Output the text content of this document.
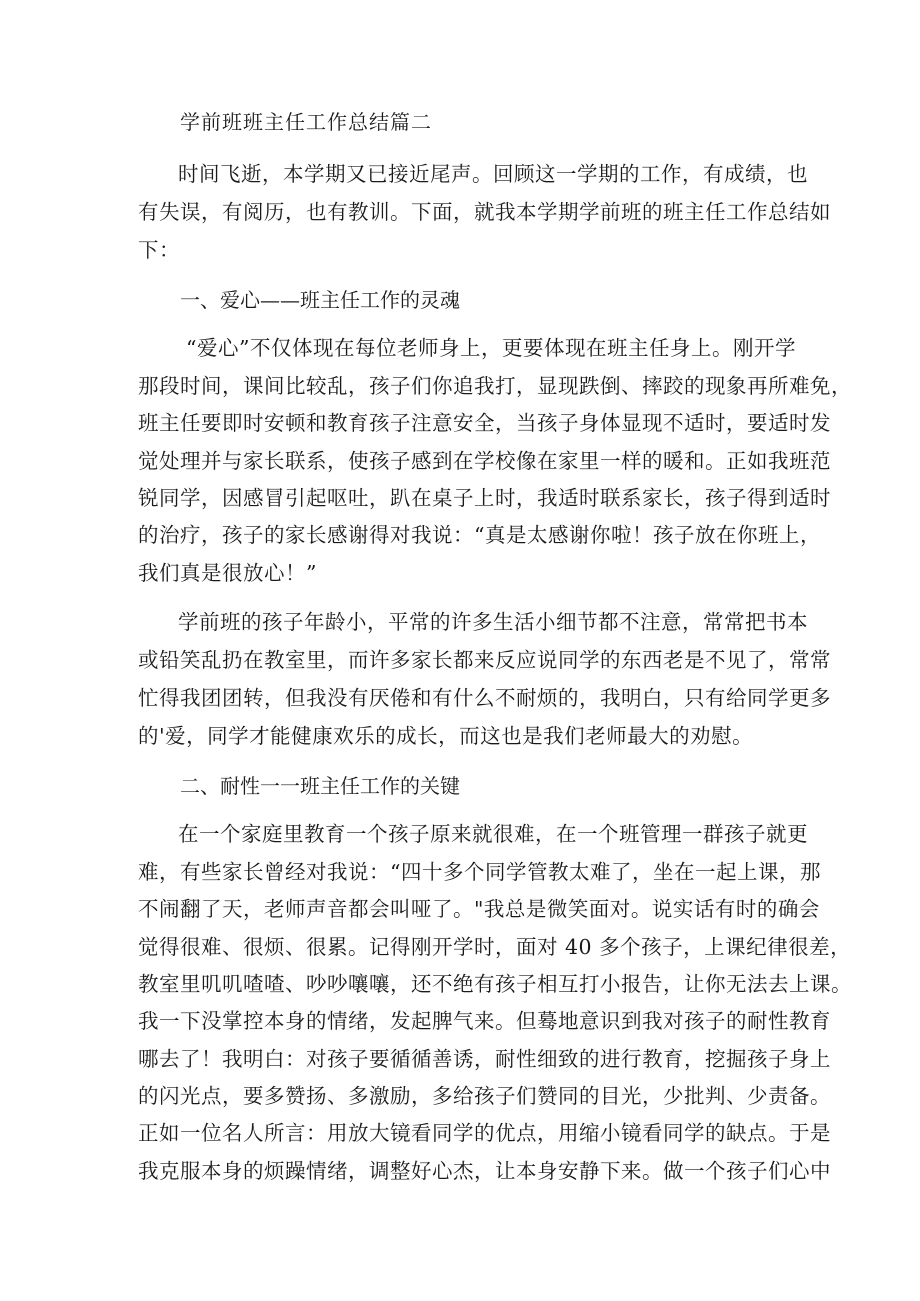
学前班班主任工作总结篇二
时间飞逝，本学期又已接近尾声。回顾这一学期的工作，有成绩，也
有失误，有阅历，也有教训。下面，就我本学期学前班的班主任工作总结如
下：
一、爱心——班主任工作的灵魂
“爱心”不仅体现在每位老师身上，更要体现在班主任身上。刚开学
那段时间，课间比较乱，孩子们你追我打，显现跌倒、摔跤的现象再所难免，
班主任要即时安顿和教育孩子注意安全，当孩子身体显现不适时，要适时发
觉处理并与家长联系，使孩子感到在学校像在家里一样的暖和。正如我班范
锐同学，因感冒引起呕吐，趴在桌子上时，我适时联系家长，孩子得到适时
的治疗，孩子的家长感谢得对我说：“真是太感谢你啦！孩子放在你班上，
我们真是很放心！”
学前班的孩子年龄小，平常的许多生活小细节都不注意，常常把书本
或铅笑乱扔在教室里，而许多家长都来反应说同学的东西老是不见了，常常
忙得我团团转，但我没有厌倦和有什么不耐烦的，我明白，只有给同学更多
的'爱，同学才能健康欢乐的成长，而这也是我们老师最大的劝慰。
二、耐性一一班主任工作的关键
在一个家庭里教育一个孩子原来就很难，在一个班管理一群孩子就更
难，有些家长曾经对我说：“四十多个同学管教太难了，坐在一起上课，那
不闹翻了天，老师声音都会叫哑了。"我总是微笑面对。说实话有时的确会
觉得很难、很烦、很累。记得刚开学时，面对 40 多个孩子，上课纪律很差，
教室里叽叽喳喳、吵吵嚷嚷，还不绝有孩子相互打小报告，让你无法去上课。
我一下没掌控本身的情绪，发起脾气来。但蓦地意识到我对孩子的耐性教育
哪去了！我明白：对孩子要循循善诱，耐性细致的进行教育，挖掘孩子身上
的闪光点，要多赞扬、多激励，多给孩子们赞同的目光，少批判、少责备。
正如一位名人所言：用放大镜看同学的优点，用缩小镜看同学的缺点。于是
我克服本身的烦躁情绪，调整好心杰，让本身安静下来。做一个孩子们心中
